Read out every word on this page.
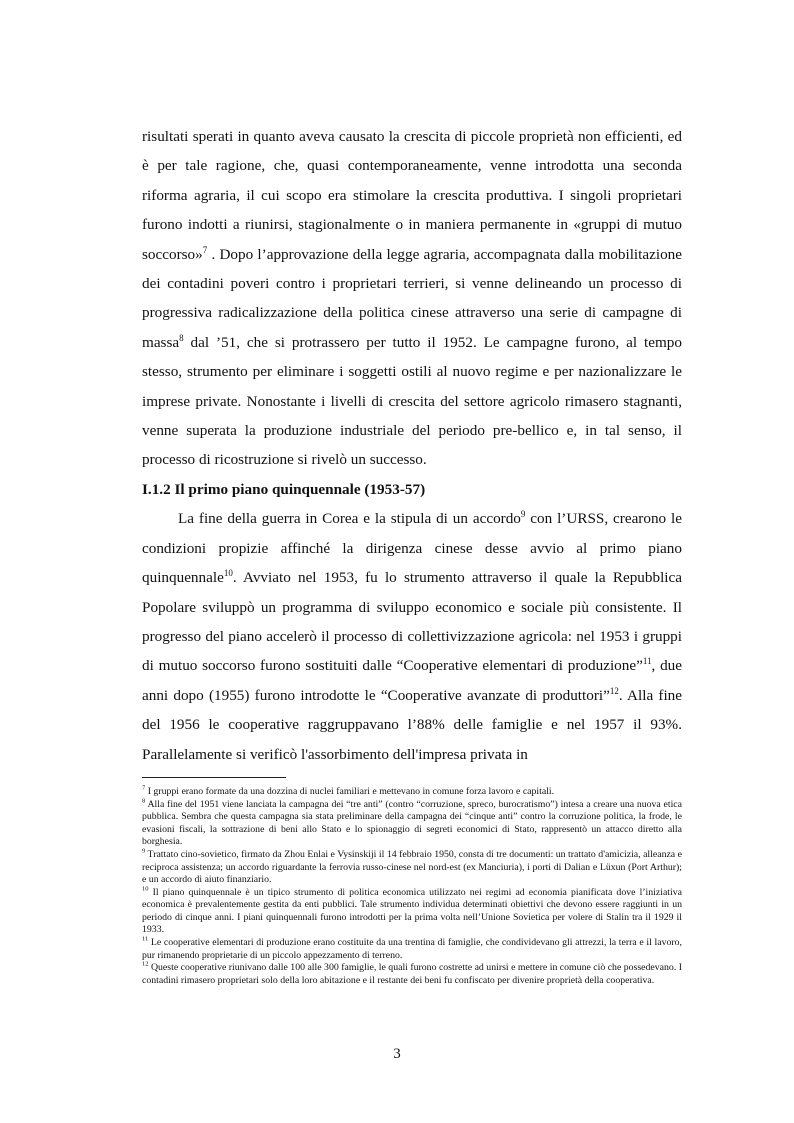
risultati sperati in quanto aveva causato la crescita di piccole proprietà non efficienti, ed è per tale ragione, che, quasi contemporaneamente, venne introdotta una seconda riforma agraria, il cui scopo era stimolare la crescita produttiva. I singoli proprietari furono indotti a riunirsi, stagionalmente o in maniera permanente in «gruppi di mutuo soccorso»$^7$ . Dopo l’approvazione della legge agraria, accompagnata dalla mobilitazione dei contadini poveri contro i proprietari terrieri, si venne delineando un processo di progressiva radicalizzazione della politica cinese attraverso una serie di campagne di massa$^8$ dal ’51, che si protrassero per tutto il 1952. Le campagne furono, al tempo stesso, strumento per eliminare i soggetti ostili al nuovo regime e per nazionalizzare le imprese private. Nonostante i livelli di crescita del settore agricolo rimasero stagnanti, venne superata la produzione industriale del periodo pre-bellico e, in tal senso, il processo di ricostruzione si rivelò un successo.

I.1.2 Il primo piano quinquennale (1953-57)

La fine della guerra in Corea e la stipula di un accordo$^9$ con l’URSS, crearono le condizioni propizie affinché la dirigenza cinese desse avvio al primo piano quinquennale$^{10}$. Avviato nel 1953, fu lo strumento attraverso il quale la Repubblica Popolare sviluppò un programma di sviluppo economico e sociale più consistente. Il progresso del piano accelerò il processo di collettivizzazione agricola: nel 1953 i gruppi di mutuo soccorso furono sostituiti dalle “Cooperative elementari di produzione”$^{11}$, due anni dopo (1955) furono introdotte le “Cooperative avanzate di produttori”$^{12}$. Alla fine del 1956 le cooperative raggruppavano l’88% delle famiglie e nel 1957 il 93%. Parallelamente si verificò l'assorbimento dell'impresa privata in

$^7$ I gruppi erano formate da una dozzina di nuclei familiari e mettevano in comune forza lavoro e capitali.

$^8$ Alla fine del 1951 viene lanciata la campagna dei “tre anti” (contro “corruzione, spreco, burocratismo”) intesa a creare una nuova etica pubblica. Sembra che questa campagna sia stata preliminare della campagna dei “cinque anti” contro la corruzione politica, la frode, le evasioni fiscali, la sottrazione di beni allo Stato e lo spionaggio di segreti economici di Stato, rappresentò un attacco diretto alla borghesia.

$^9$ Trattato cino-sovietico, firmato da Zhou Enlai e Vysinskiji il 14 febbraio 1950, consta di tre documenti: un trattato d'amicizia, alleanza e reciproca assistenza; un accordo riguardante la ferrovia russo-cinese nel nord-est (ex Manciuria), i porti di Dalian e Lüxun (Port Arthur); e un accordo di aiuto finanziario.

$^{10}$ Il piano quinquennale è un tipico strumento di politica economica utilizzato nei regimi ad economia pianificata dove l’iniziativa economica è prevalentemente gestita da enti pubblici. Tale strumento individua determinati obiettivi che devono essere raggiunti in un periodo di cinque anni. I piani quinquennali furono introdotti per la prima volta nell’Unione Sovietica per volere di Stalin tra il 1929 il 1933.

$^{11}$ Le cooperative elementari di produzione erano costituite da una trentina di famiglie, che condividevano gli attrezzi, la terra e il lavoro, pur rimanendo proprietarie di un piccolo appezzamento di terreno.

$^{12}$ Queste cooperative riunivano dalle 100 alle 300 famiglie, le quali furono costrette ad unirsi e mettere in comune ciò che possedevano. I contadini rimasero proprietari solo della loro abitazione e il restante dei beni fu confiscato per divenire proprietà della cooperativa.

3
